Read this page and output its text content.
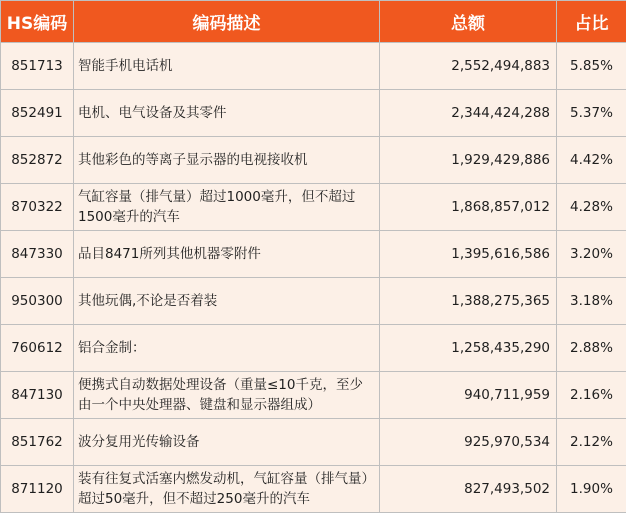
HS编码	编码描述	总额	占比
851713	智能手机电话机	2,552,494,883	5.85%
852491	电机、电气设备及其零件	2,344,424,288	5.37%
852872	其他彩色的等离子显示器的电视接收机	1,929,429,886	4.42%
870322	气缸容量（排气量）超过1000毫升，但不超过1500毫升的汽车	1,868,857,012	4.28%
847330	品目8471所列其他机器零附件	1,395,616,586	3.20%
950300	其他玩偶,不论是否着装	1,388,275,365	3.18%
760612	铝合金制：	1,258,435,290	2.88%
847130	便携式自动数据处理设备（重量≤10千克，至少由一个中央处理器、键盘和显示器组成）	940,711,959	2.16%
851762	波分复用光传输设备	925,970,534	2.12%
871120	装有往复式活塞内燃发动机，气缸容量（排气量）超过50毫升，但不超过250毫升的汽车	827,493,502	1.90%
